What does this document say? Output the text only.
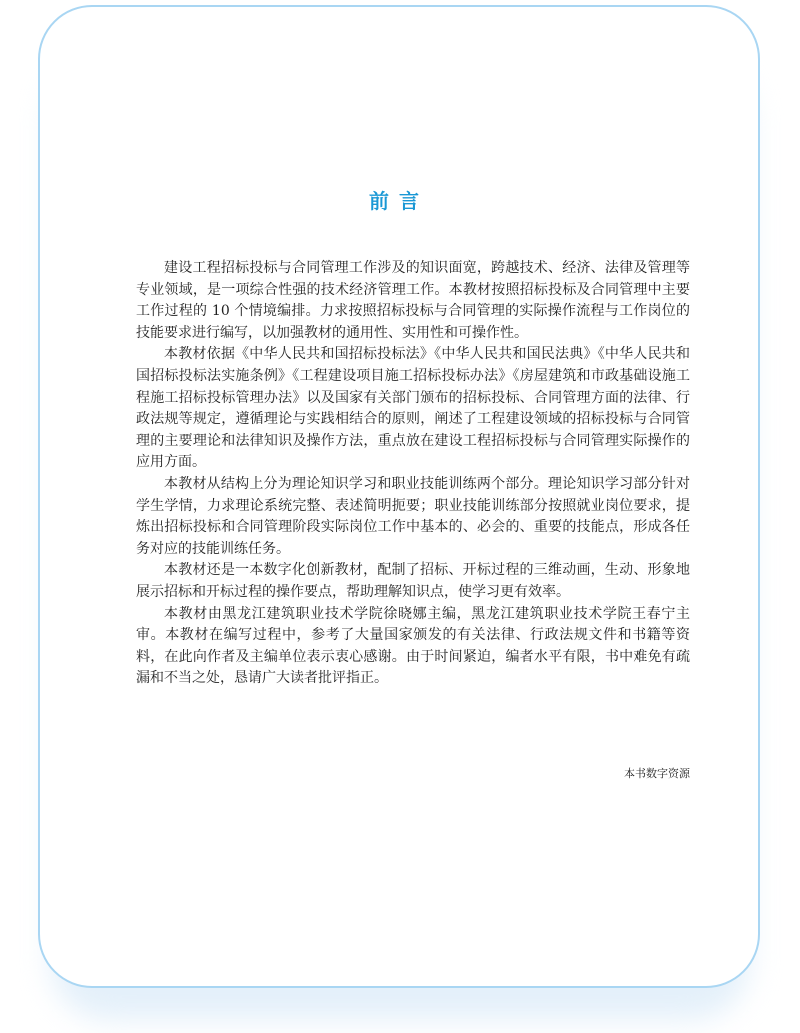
前言
建设工程招标投标与合同管理工作涉及的知识面宽，跨越技术、经济、法律及管理等
专业领域，是一项综合性强的技术经济管理工作。本教材按照招标投标及合同管理中主要
工作过程的 10 个情境编排。力求按照招标投标与合同管理的实际操作流程与工作岗位的
技能要求进行编写，以加强教材的通用性、实用性和可操作性。
本教材依据《中华人民共和国招标投标法》《中华人民共和国民法典》《中华人民共和
国招标投标法实施条例》《工程建设项目施工招标投标办法》《房屋建筑和市政基础设施工
程施工招标投标管理办法》以及国家有关部门颁布的招标投标、合同管理方面的法律、行
政法规等规定，遵循理论与实践相结合的原则，阐述了工程建设领域的招标投标与合同管
理的主要理论和法律知识及操作方法，重点放在建设工程招标投标与合同管理实际操作的
应用方面。
本教材从结构上分为理论知识学习和职业技能训练两个部分。理论知识学习部分针对
学生学情，力求理论系统完整、表述简明扼要；职业技能训练部分按照就业岗位要求，提
炼出招标投标和合同管理阶段实际岗位工作中基本的、必会的、重要的技能点，形成各任
务对应的技能训练任务。
本教材还是一本数字化创新教材，配制了招标、开标过程的三维动画，生动、形象地
展示招标和开标过程的操作要点，帮助理解知识点，使学习更有效率。
本教材由黑龙江建筑职业技术学院徐晓娜主编，黑龙江建筑职业技术学院王春宁主
审。本教材在编写过程中，参考了大量国家颁发的有关法律、行政法规文件和书籍等资
料，在此向作者及主编单位表示衷心感谢。由于时间紧迫，编者水平有限，书中难免有疏
漏和不当之处，恳请广大读者批评指正。
本书数字资源
